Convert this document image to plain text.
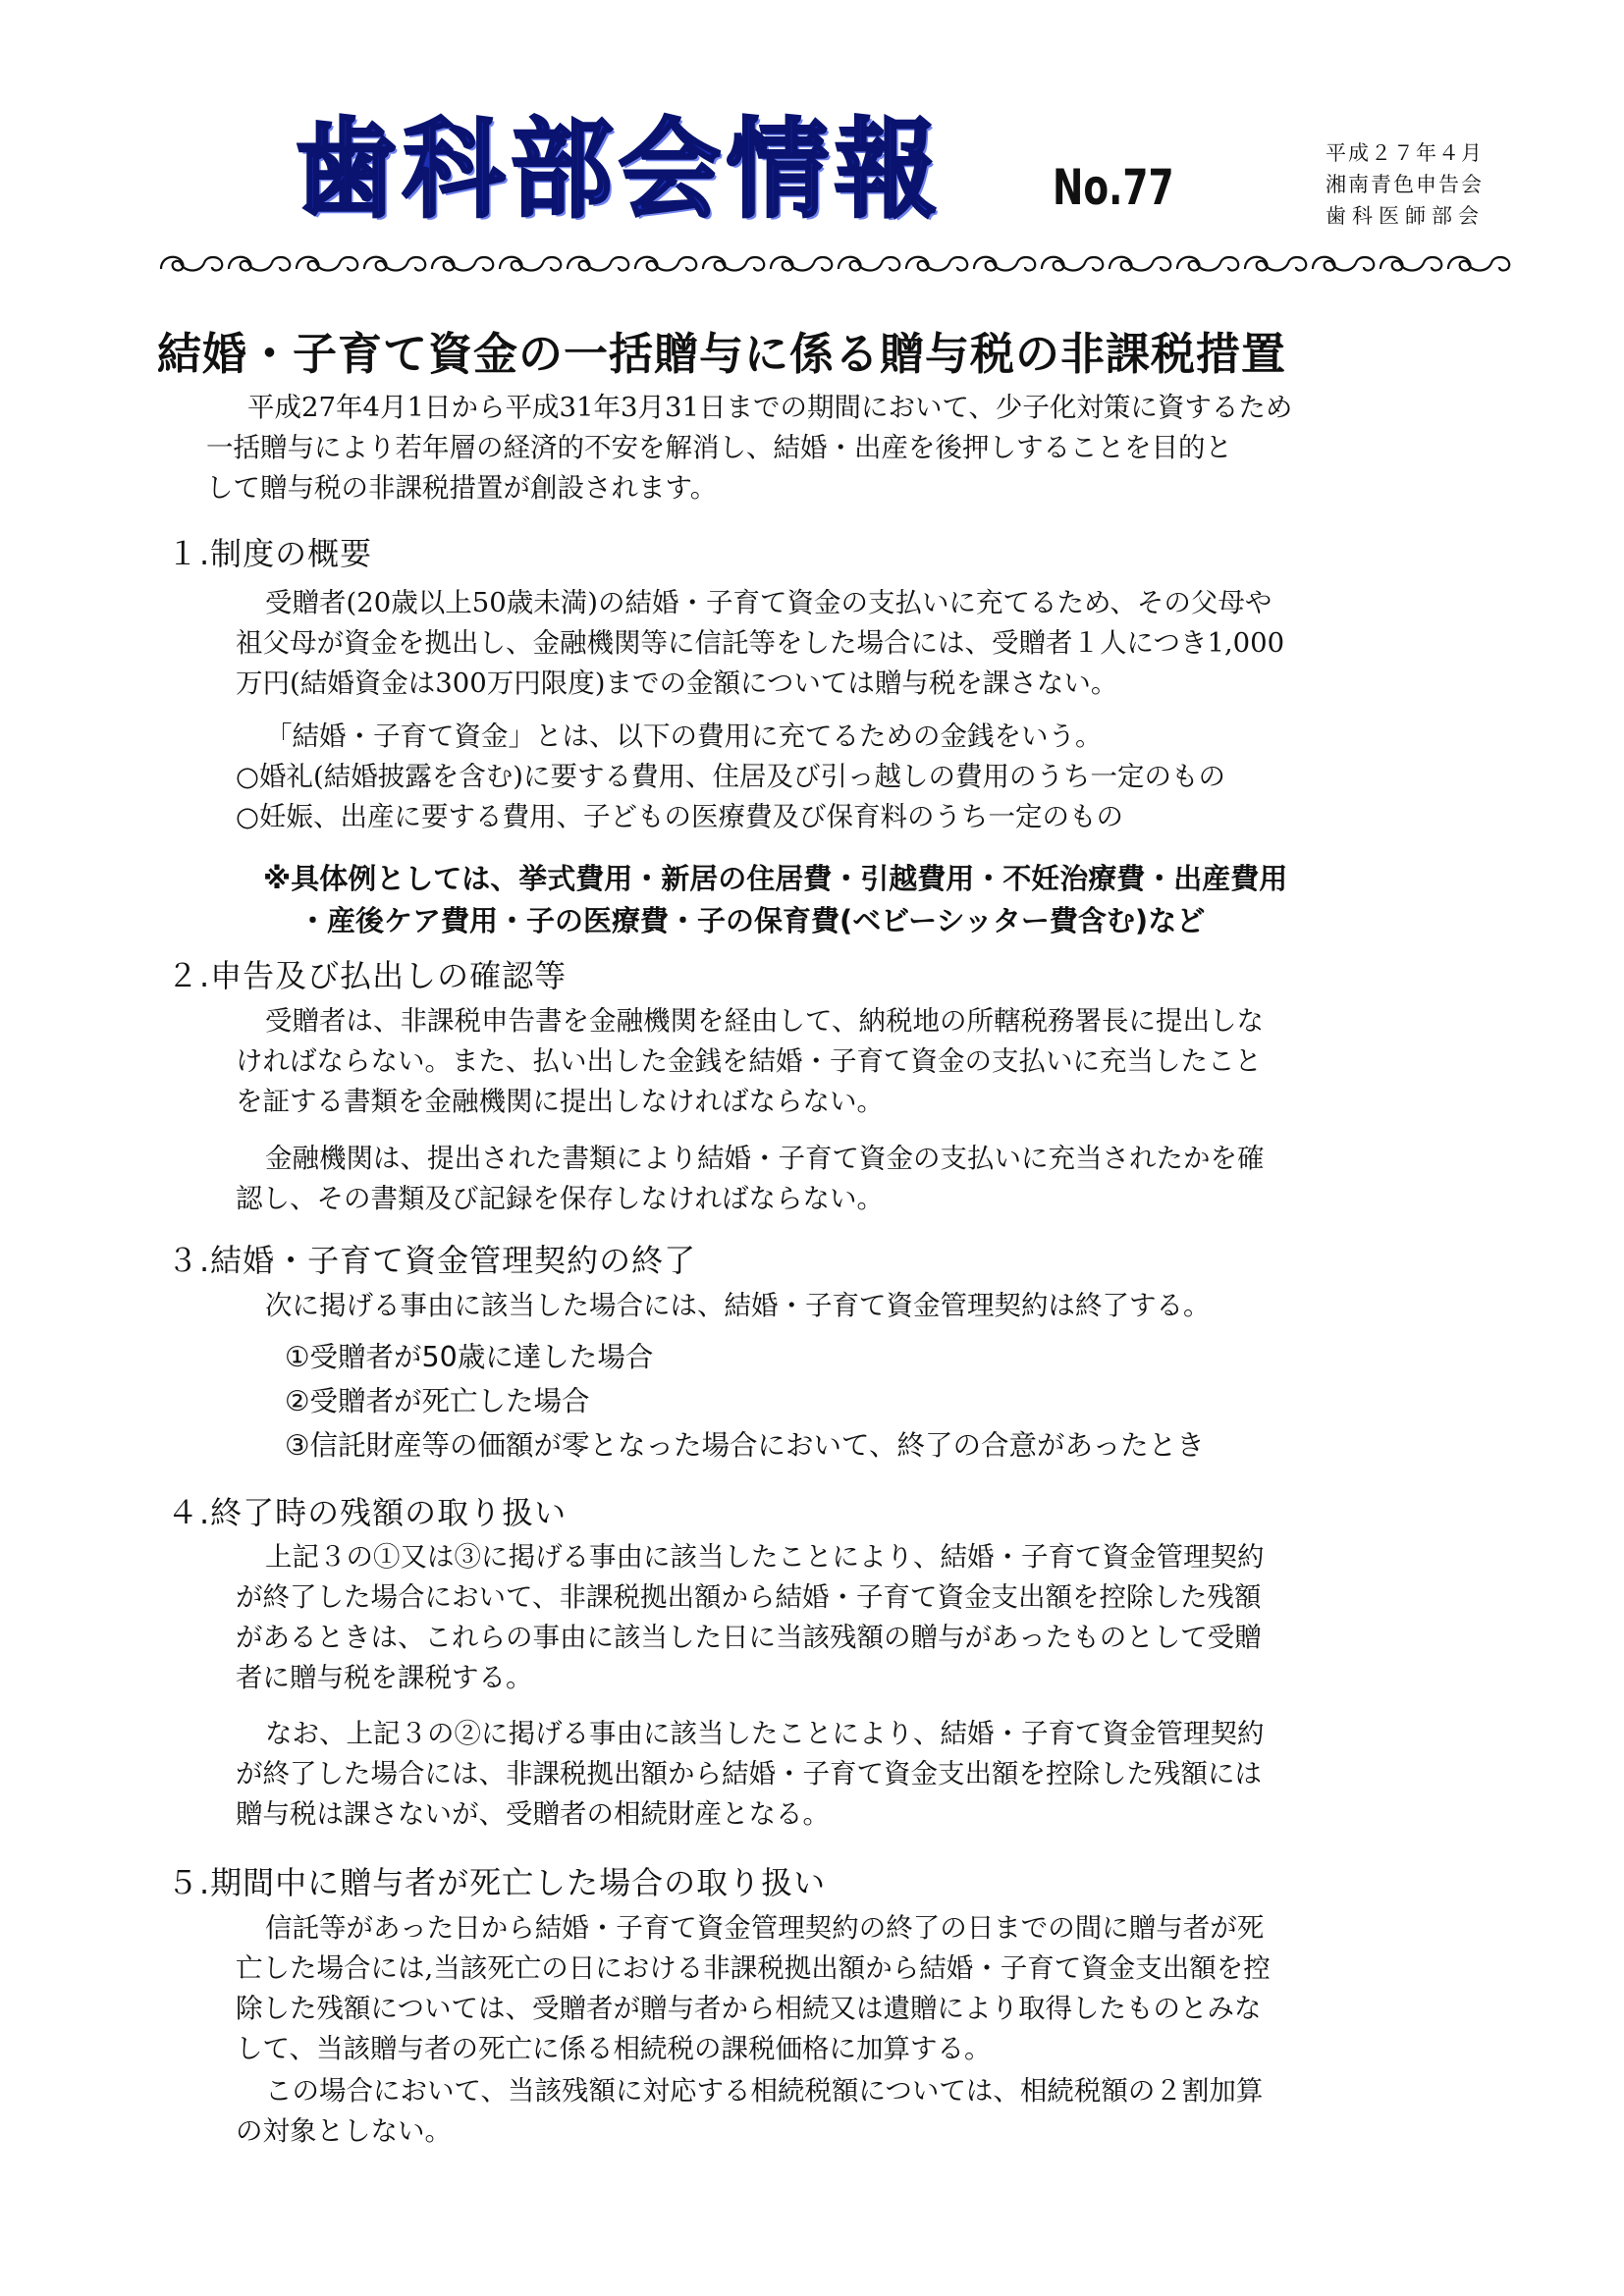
歯科部会情報 No.77
平成２７年４月
湘南青色申告会
歯科医師部会
結婚・子育て資金の一括贈与に係る贈与税の非課税措置
平成27年4月1日から平成31年3月31日までの期間において、少子化対策に資するため
一括贈与により若年層の経済的不安を解消し、結婚・出産を後押しすることを目的と
して贈与税の非課税措置が創設されます。
１.制度の概要
受贈者(20歳以上50歳未満)の結婚・子育て資金の支払いに充てるため、その父母や
祖父母が資金を拠出し、金融機関等に信託等をした場合には、受贈者１人につき1,000
万円(結婚資金は300万円限度)までの金額については贈与税を課さない。
「結婚・子育て資金」とは、以下の費用に充てるための金銭をいう。
○婚礼(結婚披露を含む)に要する費用、住居及び引っ越しの費用のうち一定のもの
○妊娠、出産に要する費用、子どもの医療費及び保育料のうち一定のもの
※具体例としては、挙式費用・新居の住居費・引越費用・不妊治療費・出産費用
・産後ケア費用・子の医療費・子の保育費(ベビーシッター費含む)など
２.申告及び払出しの確認等
受贈者は、非課税申告書を金融機関を経由して、納税地の所轄税務署長に提出しな
ければならない。また、払い出した金銭を結婚・子育て資金の支払いに充当したこと
を証する書類を金融機関に提出しなければならない。
金融機関は、提出された書類により結婚・子育て資金の支払いに充当されたかを確
認し、その書類及び記録を保存しなければならない。
３.結婚・子育て資金管理契約の終了
次に掲げる事由に該当した場合には、結婚・子育て資金管理契約は終了する。
①受贈者が50歳に達した場合
②受贈者が死亡した場合
③信託財産等の価額が零となった場合において、終了の合意があったとき
４.終了時の残額の取り扱い
上記３の①又は③に掲げる事由に該当したことにより、結婚・子育て資金管理契約
が終了した場合において、非課税拠出額から結婚・子育て資金支出額を控除した残額
があるときは、これらの事由に該当した日に当該残額の贈与があったものとして受贈
者に贈与税を課税する。
なお、上記３の②に掲げる事由に該当したことにより、結婚・子育て資金管理契約
が終了した場合には、非課税拠出額から結婚・子育て資金支出額を控除した残額には
贈与税は課さないが、受贈者の相続財産となる。
５.期間中に贈与者が死亡した場合の取り扱い
信託等があった日から結婚・子育て資金管理契約の終了の日までの間に贈与者が死
亡した場合には,当該死亡の日における非課税拠出額から結婚・子育て資金支出額を控
除した残額については、受贈者が贈与者から相続又は遺贈により取得したものとみな
して、当該贈与者の死亡に係る相続税の課税価格に加算する。
この場合において、当該残額に対応する相続税額については、相続税額の２割加算
の対象としない。
